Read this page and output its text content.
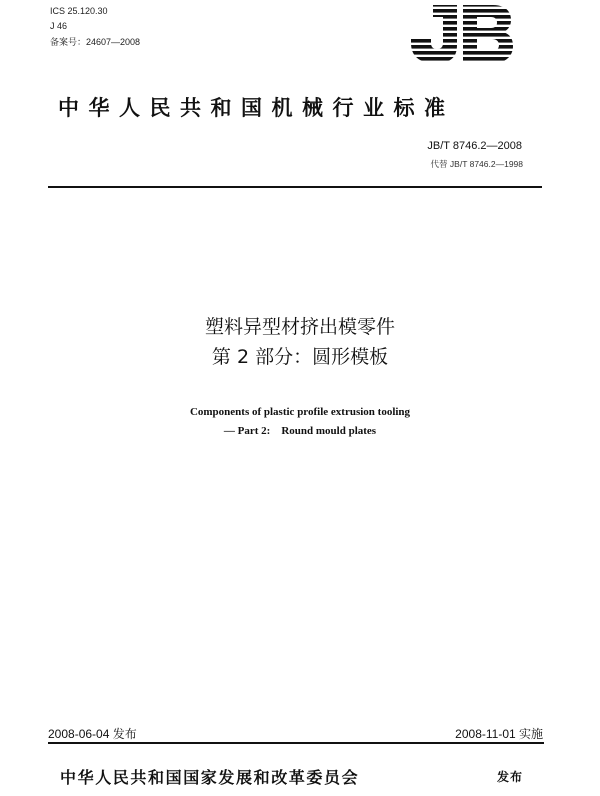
ICS 25.120.30
J 46
备案号：24607—2008
中华人民共和国机械行业标准
JB/T 8746.2—2008
代替 JB/T 8746.2—1998
塑料异型材挤出模零件
第 2 部分：圆形模板
Components of plastic profile extrusion tooling
— Part 2:    Round mould plates
2008-06-04 发布	2008-11-01 实施
中华人民共和国国家发展和改革委员会	发布
